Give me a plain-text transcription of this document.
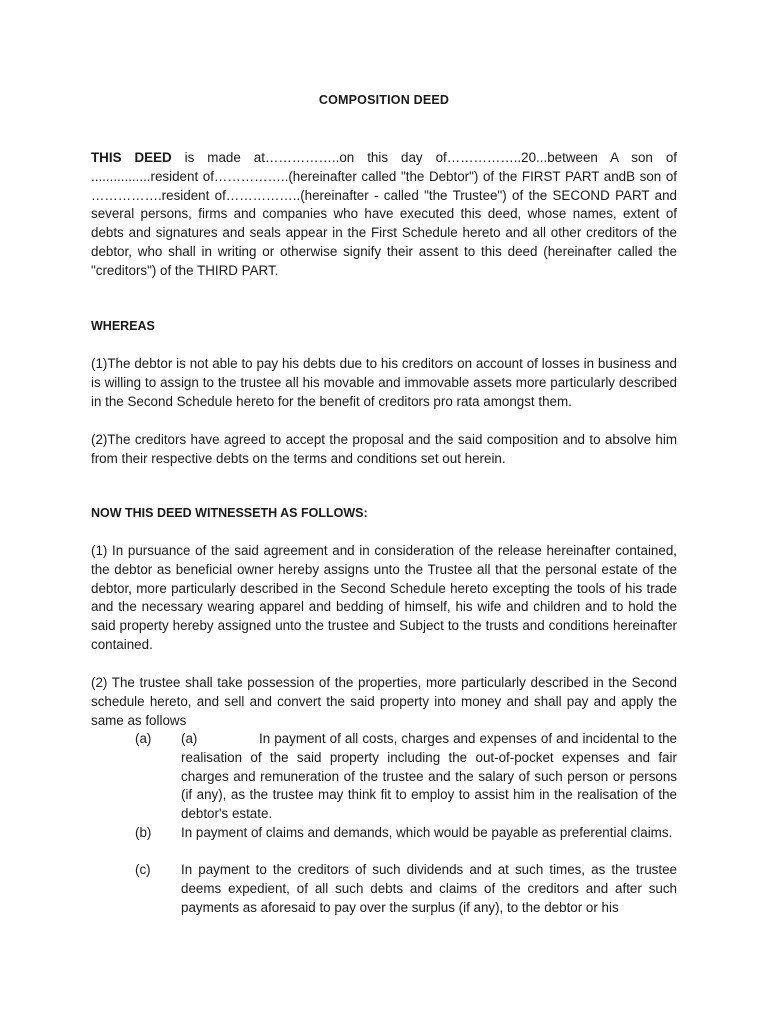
COMPOSITION DEED
THIS DEED is made at……………..on this day of……………..20...between A son of ................resident of……………..(hereinafter called "the Debtor") of the FIRST PART andB son of …………….resident of……………..(hereinafter - called "the Trustee") of the SECOND PART and several persons, firms and companies who have executed this deed, whose names, extent of debts and signatures and seals appear in the First Schedule hereto and all other creditors of the debtor, who shall in writing or otherwise signify their assent to this deed (hereinafter called the "creditors") of the THIRD PART.
WHEREAS
(1)The debtor is not able to pay his debts due to his creditors on account of losses in business and is willing to assign to the trustee all his movable and immovable assets more particularly described in the Second Schedule hereto for the benefit of creditors pro rata amongst them.
(2)The creditors have agreed to accept the proposal and the said composition and to absolve him from their respective debts on the terms and conditions set out herein.
NOW THIS DEED WITNESSETH AS FOLLOWS:
(1) In pursuance of the said agreement and in consideration of the release hereinafter contained, the debtor as beneficial owner hereby assigns unto the Trustee all that the personal estate of the debtor, more particularly described in the Second Schedule hereto excepting the tools of his trade and the necessary wearing apparel and bedding of himself, his wife and children and to hold the said property hereby assigned unto the trustee and Subject to the trusts and conditions hereinafter contained.
(2) The trustee shall take possession of the properties, more particularly described in the Second schedule hereto, and sell and convert the said property into money and shall pay and apply the same as follows
(a) (a)	In payment of all costs, charges and expenses of and incidental to the realisation of the said property including the out-of-pocket expenses and fair charges and remuneration of the trustee and the salary of such person or persons (if any), as the trustee may think fit to employ to assist him in the realisation of the debtor's estate.
(b) In payment of claims and demands, which would be payable as preferential claims.
(c) In payment to the creditors of such dividends and at such times, as the trustee deems expedient, of all such debts and claims of the creditors and after such payments as aforesaid to pay over the surplus (if any), to the debtor or his
